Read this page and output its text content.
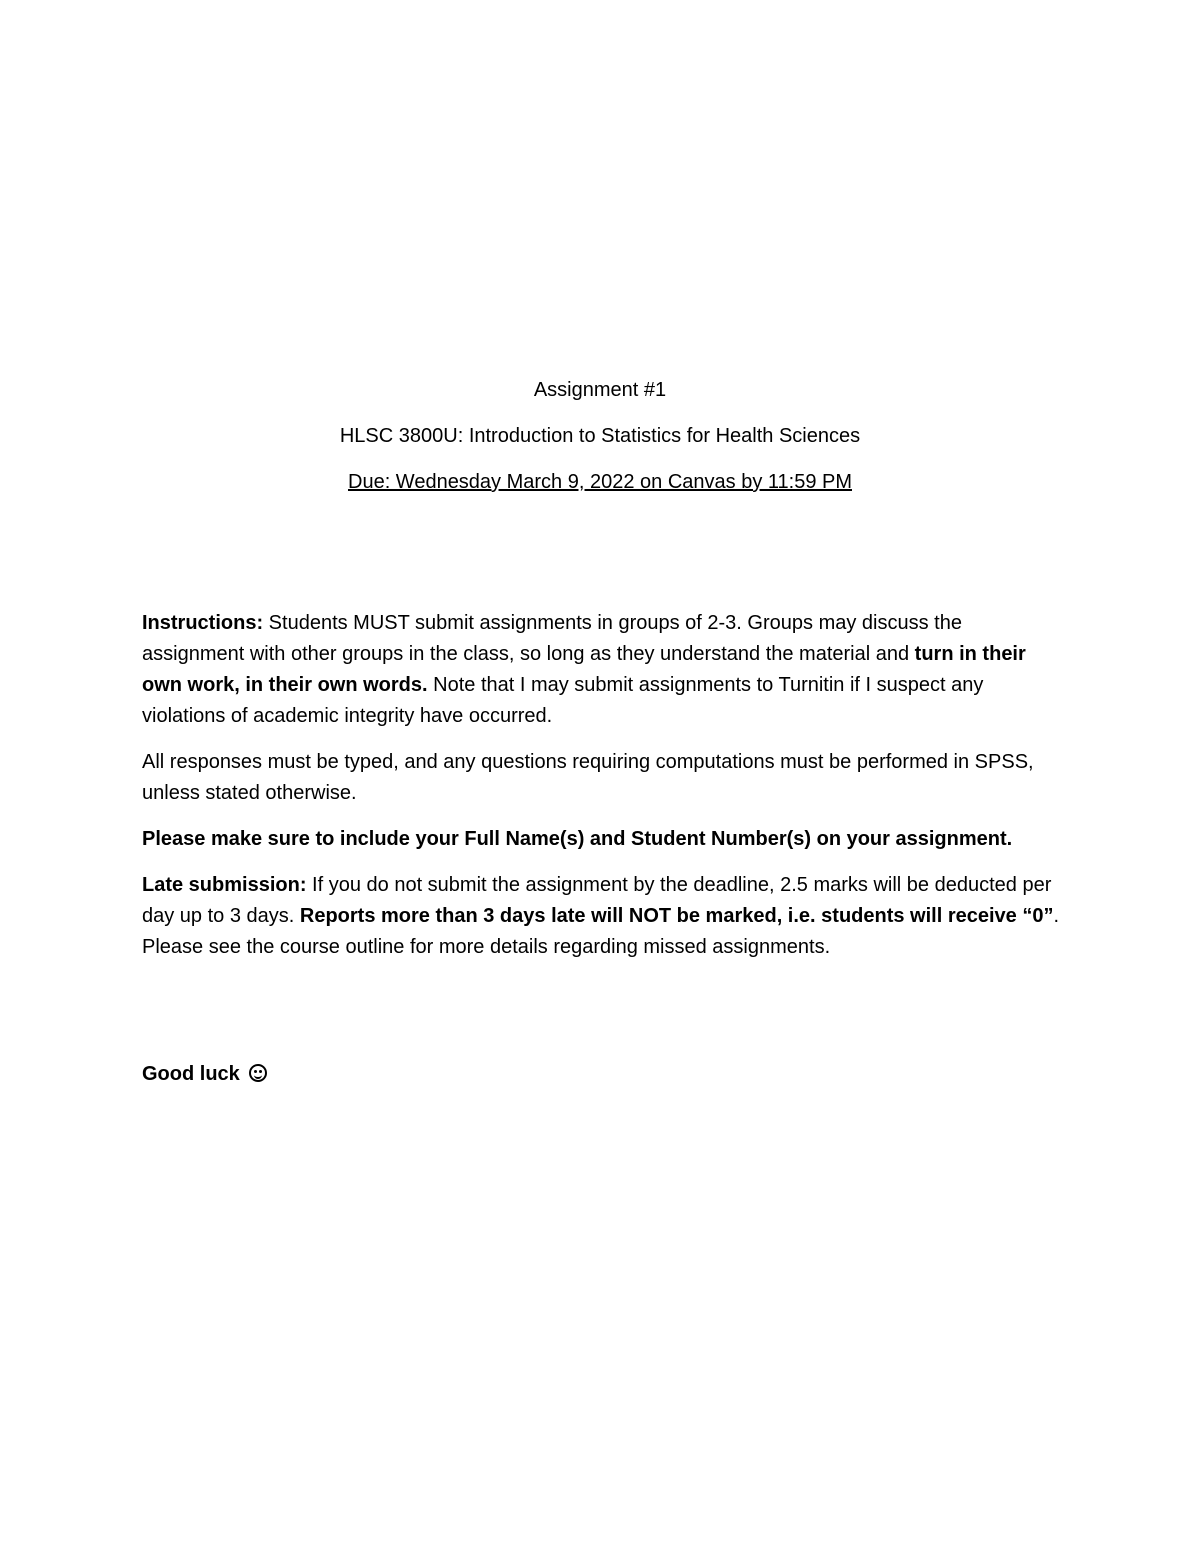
Assignment #1
HLSC 3800U: Introduction to Statistics for Health Sciences
Due: Wednesday March 9, 2022 on Canvas by 11:59 PM

Instructions: Students MUST submit assignments in groups of 2-3. Groups may discuss the assignment with other groups in the class, so long as they understand the material and turn in their own work, in their own words. Note that I may submit assignments to Turnitin if I suspect any violations of academic integrity have occurred.

All responses must be typed, and any questions requiring computations must be performed in SPSS, unless stated otherwise.

Please make sure to include your Full Name(s) and Student Number(s) on your assignment.

Late submission: If you do not submit the assignment by the deadline, 2.5 marks will be deducted per day up to 3 days. Reports more than 3 days late will NOT be marked, i.e. students will receive “0”. Please see the course outline for more details regarding missed assignments.

Good luck
